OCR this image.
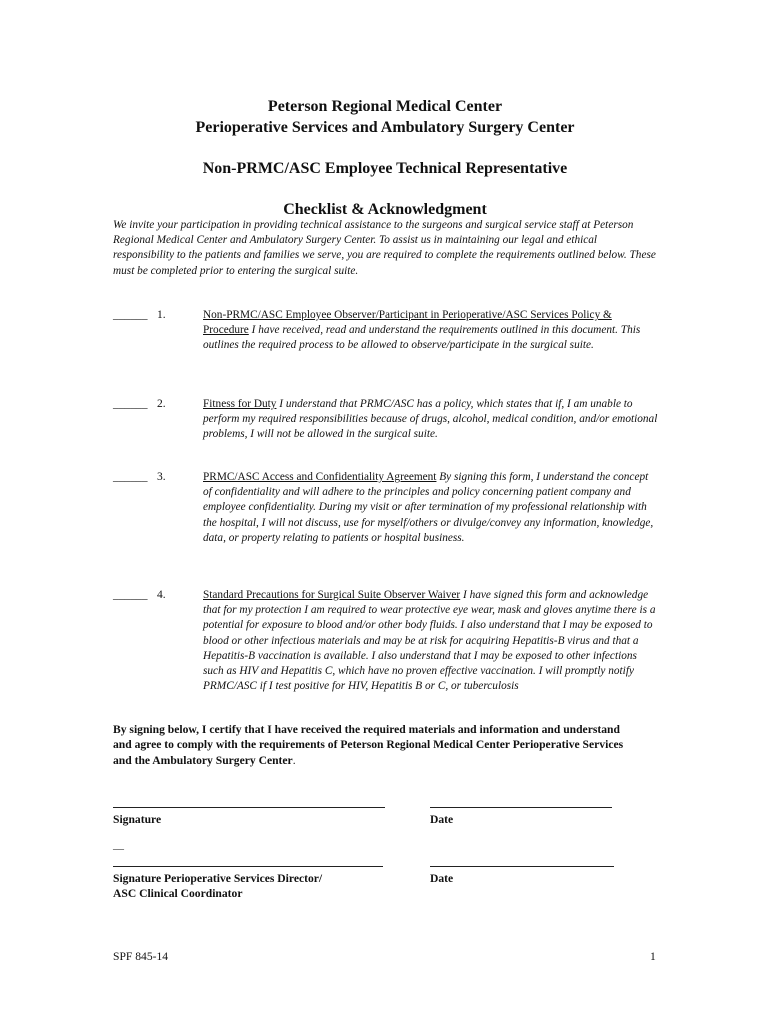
Peterson Regional Medical Center
Perioperative Services and Ambulatory Surgery Center
Non-PRMC/ASC Employee Technical Representative
Checklist & Acknowledgment
We invite your participation in providing technical assistance to the surgeons and surgical service staff at Peterson Regional Medical Center and Ambulatory Surgery Center. To assist us in maintaining our legal and ethical responsibility to the patients and families we serve, you are required to complete the requirements outlined below. These must be completed prior to entering the surgical suite.
______ 1.	Non-PRMC/ASC Employee Observer/Participant in Perioperative/ASC Services Policy & Procedure I have received, read and understand the requirements outlined in this document. This outlines the required process to be allowed to observe/participate in the surgical suite.
______ 2.	Fitness for Duty I understand that PRMC/ASC has a policy, which states that if, I am unable to perform my required responsibilities because of drugs, alcohol, medical condition, and/or emotional problems, I will not be allowed in the surgical suite.
______ 3.	PRMC/ASC Access and Confidentiality Agreement By signing this form, I understand the concept of confidentiality and will adhere to the principles and policy concerning patient company and employee confidentiality. During my visit or after termination of my professional relationship with the hospital, I will not discuss, use for myself/others or divulge/convey any information, knowledge, data, or property relating to patients or hospital business.
______ 4.	Standard Precautions for Surgical Suite Observer Waiver I have signed this form and acknowledge that for my protection I am required to wear protective eye wear, mask and gloves anytime there is a potential for exposure to blood and/or other body fluids. I also understand that I may be exposed to blood or other infectious materials and may be at risk for acquiring Hepatitis-B virus and that a Hepatitis-B vaccination is available. I also understand that I may be exposed to other infections such as HIV and Hepatitis C, which have no proven effective vaccination. I will promptly notify PRMC/ASC if I test positive for HIV, Hepatitis B or C, or tuberculosis
By signing below, I certify that I have received the required materials and information and understand and agree to comply with the requirements of Peterson Regional Medical Center Perioperative Services and the Ambulatory Surgery Center.
Signature	Date
__
Signature Perioperative Services Director/
ASC Clinical Coordinator
Date
SPF 845-14	1
